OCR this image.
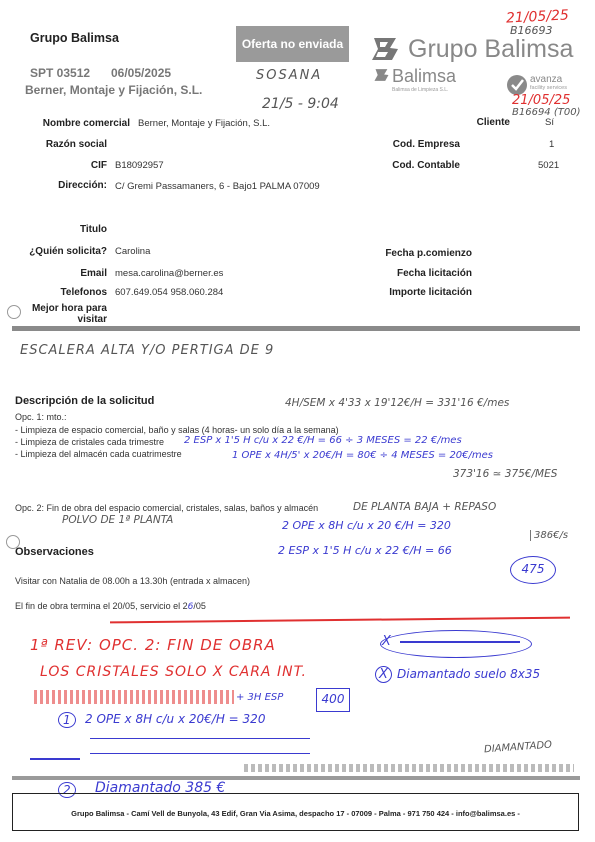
Grupo Balimsa	Oferta no enviada
SPT 03512 06/05/2025
Berner, Montaje y Fijación, S.L.
Grupo Balimsa
Balimsa
Balimsa de Limpieza S.L.
avanza
facility services
21/05/25
B16693
SOSANA
21/5 - 9:04	21/05/25
B16694 (T00)
Nombre comercial Berner, Montaje y Fijación, S.L.	Cliente	Sí
Razón social	Cod. Empresa	1
CIF B18092957	Cod. Contable	5021
Dirección: C/ Gremi Passamaners, 6 - Bajo1 PALMA 07009
Titulo
¿Quién solicita? Carolina	Fecha p.comienzo
Email mesa.carolina@berner.es	Fecha licitación
Telefonos 607.649.054 958.060.284	Importe licitación
Mejor hora para
visitar
ESCALERA ALTA Y/O PERTIGA DE 9
Descripción de la solicitud
Opc. 1: mto.:
- Limpieza de espacio comercial, baño y salas (4 horas- un solo día a la semana)
- Limpieza de cristales cada trimestre
- Limpieza del almacén cada cuatrimestre
4H/SEM x 4'33 x 19'12€/H = 331'16 €/mes
2 ESP x 1'5 H c/u x 22 €/H = 66 ÷ 3 MESES = 22 €/mes
1 OPE x 4H/5' x 20€/H = 80€ ÷ 4 MESES = 20€/mes
373'16 ≃ 375€/MES
Opc. 2: Fin de obra del espacio comercial, cristales, salas, baños y almacén	DE PLANTA BAJA + REPASO
POLVO DE 1ª PLANTA	2 OPE x 8H c/u x 20 €/H = 320
2 ESP x 1'5 H c/u x 22 €/H = 66
386€/s
475
Observaciones
Visitar con Natalia de 08.00h a 13.30h (entrada x almacen)
El fin de obra termina el 20/05, servicio el 26/05
1ª REV: OPC. 2: FIN DE OBRA
LOS CRISTALES SOLO X CARA INT.
+ 3H ESP	400
X
X Diamantado suelo 8x35
1	2 OPE x 8H c/u x 20€/H = 320
DIAMANTADO
2	Diamantado 385 €
Grupo Balimsa - Camí Vell de Bunyola, 43 Edif, Gran Via Asima, despacho 17 - 07009 - Palma - 971 750 424 - info@balimsa.es -
